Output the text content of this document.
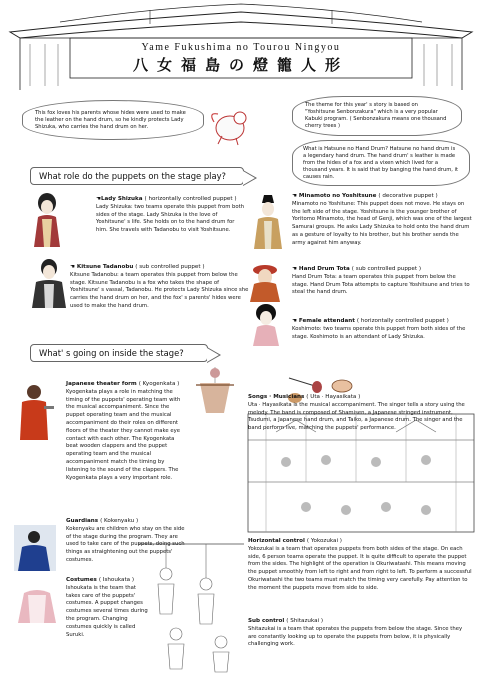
Yame Fukushima no Tourou Ningyou
八女福島の燈籠人形
This fox loves his parents whose hides were used to make the leather on the hand drum, so he kindly protects Lady Shizuka, who carries the hand drum on her.
The theme for this year' s story is based on "Yoshitsune Senbonzakura" which is a very popular Kabuki program. ( Senbonzakura means one thousand cherry trees )
What is Hatsune no Hand Drum? Hatsune no hand drum is a legendary hand drum. The hand drum' s leather is made from the hides of a fox and a vixen which lived for a thousand years. It is said that by banging the hand drum, it causes rain.
What role do the puppets on the stage play?
What' s going on inside the stage?
☚Lady Shizuka ( horizontally controlled puppet )

Lady Shizuka: two teams operate this puppet from both sides of the stage. Lady Shizuka is the love of Yoshitsune' s life. She holds on to the hand drum for him. She travels with Tadanobu to visit Yoshitsune.

☚ Kitsune Tadanobu ( sub controlled puppet )

Kitsune Tadanobu: a team operates this puppet from below the stage. Kitsune Tadanobu is a fox who takes the shape of Yoshitsune' s vassal, Tadanobu. He protects Lady Shizuka since she carries the hand drum on her, and the fox' s parents' hides were used to make the hand drum.

☚ Minamoto no Yoshitsune ( decorative puppet )

Minamoto no Yoshitune: This puppet does not move. He stays on the left side of the stage. Yoshitsune is the younger brother of Yoritomo Minamoto, the head of Genji, which was one of the largest Samurai groups. He asks Lady Shizuka to hold onto the hand drum as a gesture of loyalty to his brother, but his brother sends the army against him anyway.

☚ Hand Drum Tota ( sub controlled puppet )

Hand Drum Tota: a team operates this puppet from below the stage. Hand Drum Tota attempts to capture Yoshitsune and tries to steal the hand drum.

☚ Female attendant ( horizontally controlled puppet )

Koshimoto: two teams operate this puppet from both sides of the stage. Koshimoto is an attendant of Lady Shizuka.

Japanese theater form ( Kyogenkata )

Kyogenkata plays a role in matching the timing of the puppets' operating team with the musical accompaniment. Since the puppet operating team and the musical accompaniment do their roles on different floors of the theater they cannot make eye contact with each other. The Kyogenkata beat wooden clappers and the puppet operating team and the musical accompaniment match the timing by listening to the sound of the clappers. The Kyogenkata plays a very important role.

Songs · Musicians ( Uta · Hayasikata )

Uta · Hayasikata is the musical accompaniment. The singer tells a story using the melody. The band is composed of Shamisen, a Japanese stringed instrument, Tsudumi, a Japanese hand drum, and Taiko, a Japanese drum. The singer and the band perform live, matching the puppets' performance.

Guardians ( Kokenyaku )

Kokenyaku are children who stay on the side of the stage during the program. They are used to take care of the puppets, doing such things as straightening out the puppets' costumes.

Costumes ( Ishoukata )

Ishoukata is the team that takes care of the puppets' costumes. A puppet changes costumes several times during the program. Changing costumes quickly is called Suruki.

Horizontal control ( Yokozukai )

Yokozukai is a team that operates puppets from both sides of the stage. On each side, 6 person teams operate the puppet. It is quite difficult to operate the puppet from the sides. The highlight of the operation is Okuriwatashi. This means moving the puppet smoothly from left to right and from right to left. To perform a successful Okuriwatashi the two teams must match the timing very carefully. Pay attention to the moment the puppets move from side to side.

Sub control ( Shitazukai )

Shitazukai is a team that operates the puppets from below the stage. Since they are constantly looking up to operate the puppets from below, it is physically challenging work.
